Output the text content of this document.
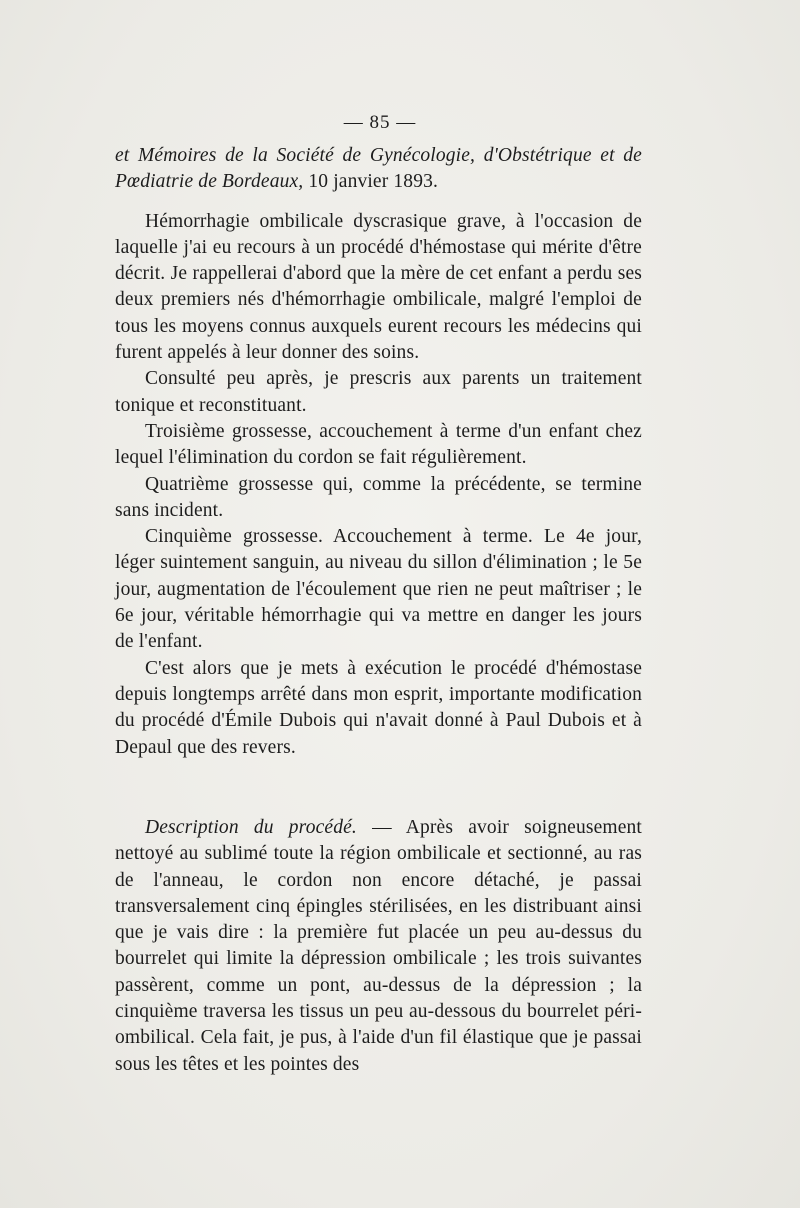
— 85 —

et Mémoires de la Société de Gynécologie, d'Obstétrique et de Pœdiatrie de Bordeaux, 10 janvier 1893.

Hémorrhagie ombilicale dyscrasique grave, à l'occasion de laquelle j'ai eu recours à un procédé d'hémostase qui mérite d'être décrit. Je rappellerai d'abord que la mère de cet enfant a perdu ses deux premiers nés d'hémorrhagie ombilicale, malgré l'emploi de tous les moyens connus auxquels eurent recours les médecins qui furent appelés à leur donner des soins.

Consulté peu après, je prescris aux parents un traitement tonique et reconstituant.

Troisième grossesse, accouchement à terme d'un enfant chez lequel l'élimination du cordon se fait régulièrement.

Quatrième grossesse qui, comme la précédente, se termine sans incident.

Cinquième grossesse. Accouchement à terme. Le 4e jour, léger suintement sanguin, au niveau du sillon d'élimination ; le 5e jour, augmentation de l'écoulement que rien ne peut maîtriser ; le 6e jour, véritable hémorrhagie qui va mettre en danger les jours de l'enfant.

C'est alors que je mets à exécution le procédé d'hémostase depuis longtemps arrêté dans mon esprit, importante modification du procédé d'Émile Dubois qui n'avait donné à Paul Dubois et à Depaul que des revers.

Description du procédé. — Après avoir soigneusement nettoyé au sublimé toute la région ombilicale et sectionné, au ras de l'anneau, le cordon non encore détaché, je passai transversalement cinq épingles stérilisées, en les distribuant ainsi que je vais dire : la première fut placée un peu au-dessus du bourrelet qui limite la dépression ombilicale ; les trois suivantes passèrent, comme un pont, au-dessus de la dépression ; la cinquième traversa les tissus un peu au-dessous du bourrelet péri-ombilical. Cela fait, je pus, à l'aide d'un fil élastique que je passai sous les têtes et les pointes des
